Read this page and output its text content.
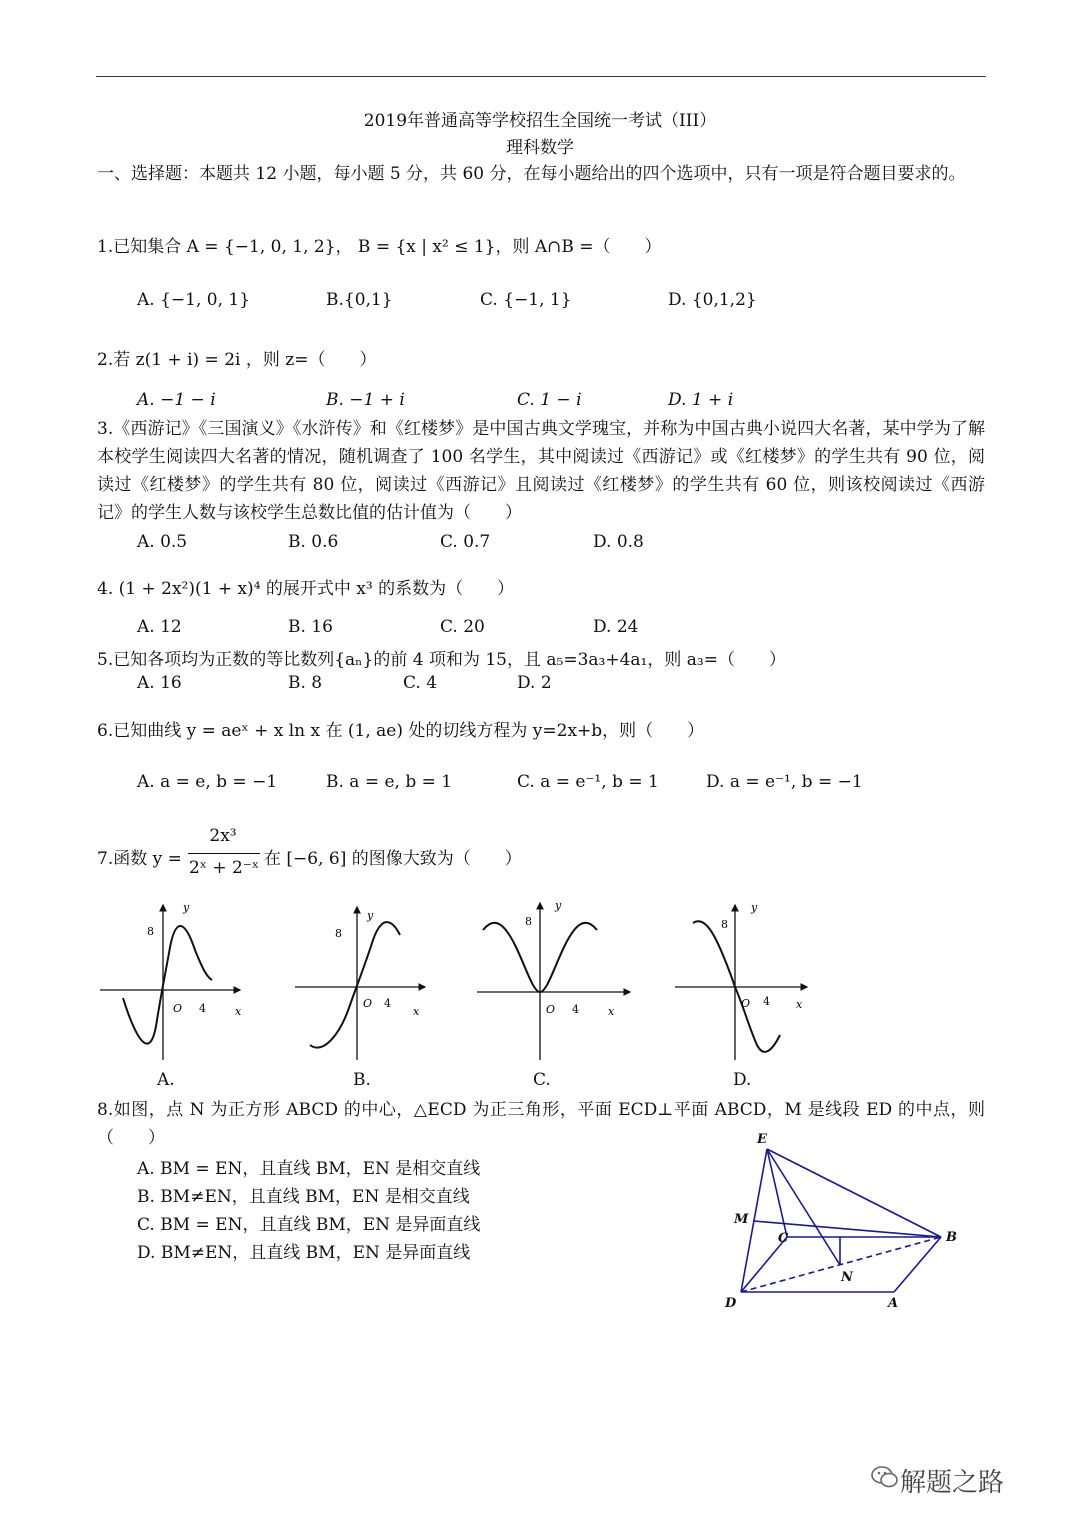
2019年普通高等学校招生全国统一考试（III）
理科数学
一、选择题：本题共 12 小题，每小题 5 分，共 60 分，在每小题给出的四个选项中，只有一项是符合题目要求的。
1.已知集合 A = {−1, 0, 1, 2}， B = {x | x² ≤ 1}，则 A∩B =（　　）
A. {−1, 0, 1}	B.{0,1}	C. {−1, 1}	D. {0,1,2}
2.若 z(1 + i) = 2i ，则 z=（　　）
A. −1 − i	B. −1 + i	C. 1 − i	D. 1 + i
3.《西游记》《三国演义》《水浒传》和《红楼梦》是中国古典文学瑰宝，并称为中国古典小说四大名著，某中学为了解本校学生阅读四大名著的情况，随机调查了 100 名学生，其中阅读过《西游记》或《红楼梦》的学生共有 90 位，阅读过《红楼梦》的学生共有 80 位，阅读过《西游记》且阅读过《红楼梦》的学生共有 60 位，则该校阅读过《西游记》的学生人数与该校学生总数比值的估计值为（　　）
A. 0.5	B. 0.6	C. 0.7	D. 0.8
4. (1 + 2x²)(1 + x)⁴ 的展开式中 x³ 的系数为（　　）
A. 12	B. 16	C. 20	D. 24
5.已知各项均为正数的等比数列{aₙ}的前 4 项和为 15，且 a₅=3a₃+4a₁，则 a₃=（　　）
A. 16	B. 8	C. 4	D. 2
6.已知曲线 y = aeˣ + x ln x 在 (1, ae) 处的切线方程为 y=2x+b，则（　　）
A. a = e, b = −1	B. a = e, b = 1	C. a = e⁻¹, b = 1	D. a = e⁻¹, b = −1
7.函数 y =
2x³
2ˣ + 2⁻ˣ 在 [−6, 6] 的图像大致为（　　）
y
8
O 4	x
y
8
O 4
x
y
8
O 4	x
y
8
O 4 x
A.	B.	C.	D.
8.如图，点 N 为正方形 ABCD 的中心，△ECD 为正三角形，平面 ECD⊥平面 ABCD，M 是线段 ED 的中点，则（　　）
A. BM = EN，且直线 BM，EN 是相交直线
B. BM≠EN，且直线 BM，EN 是相交直线
C. BM = EN，且直线 BM，EN 是异面直线
D. BM≠EN，且直线 BM，EN 是异面直线
E
M
C	B
N
D	A
解题之路
